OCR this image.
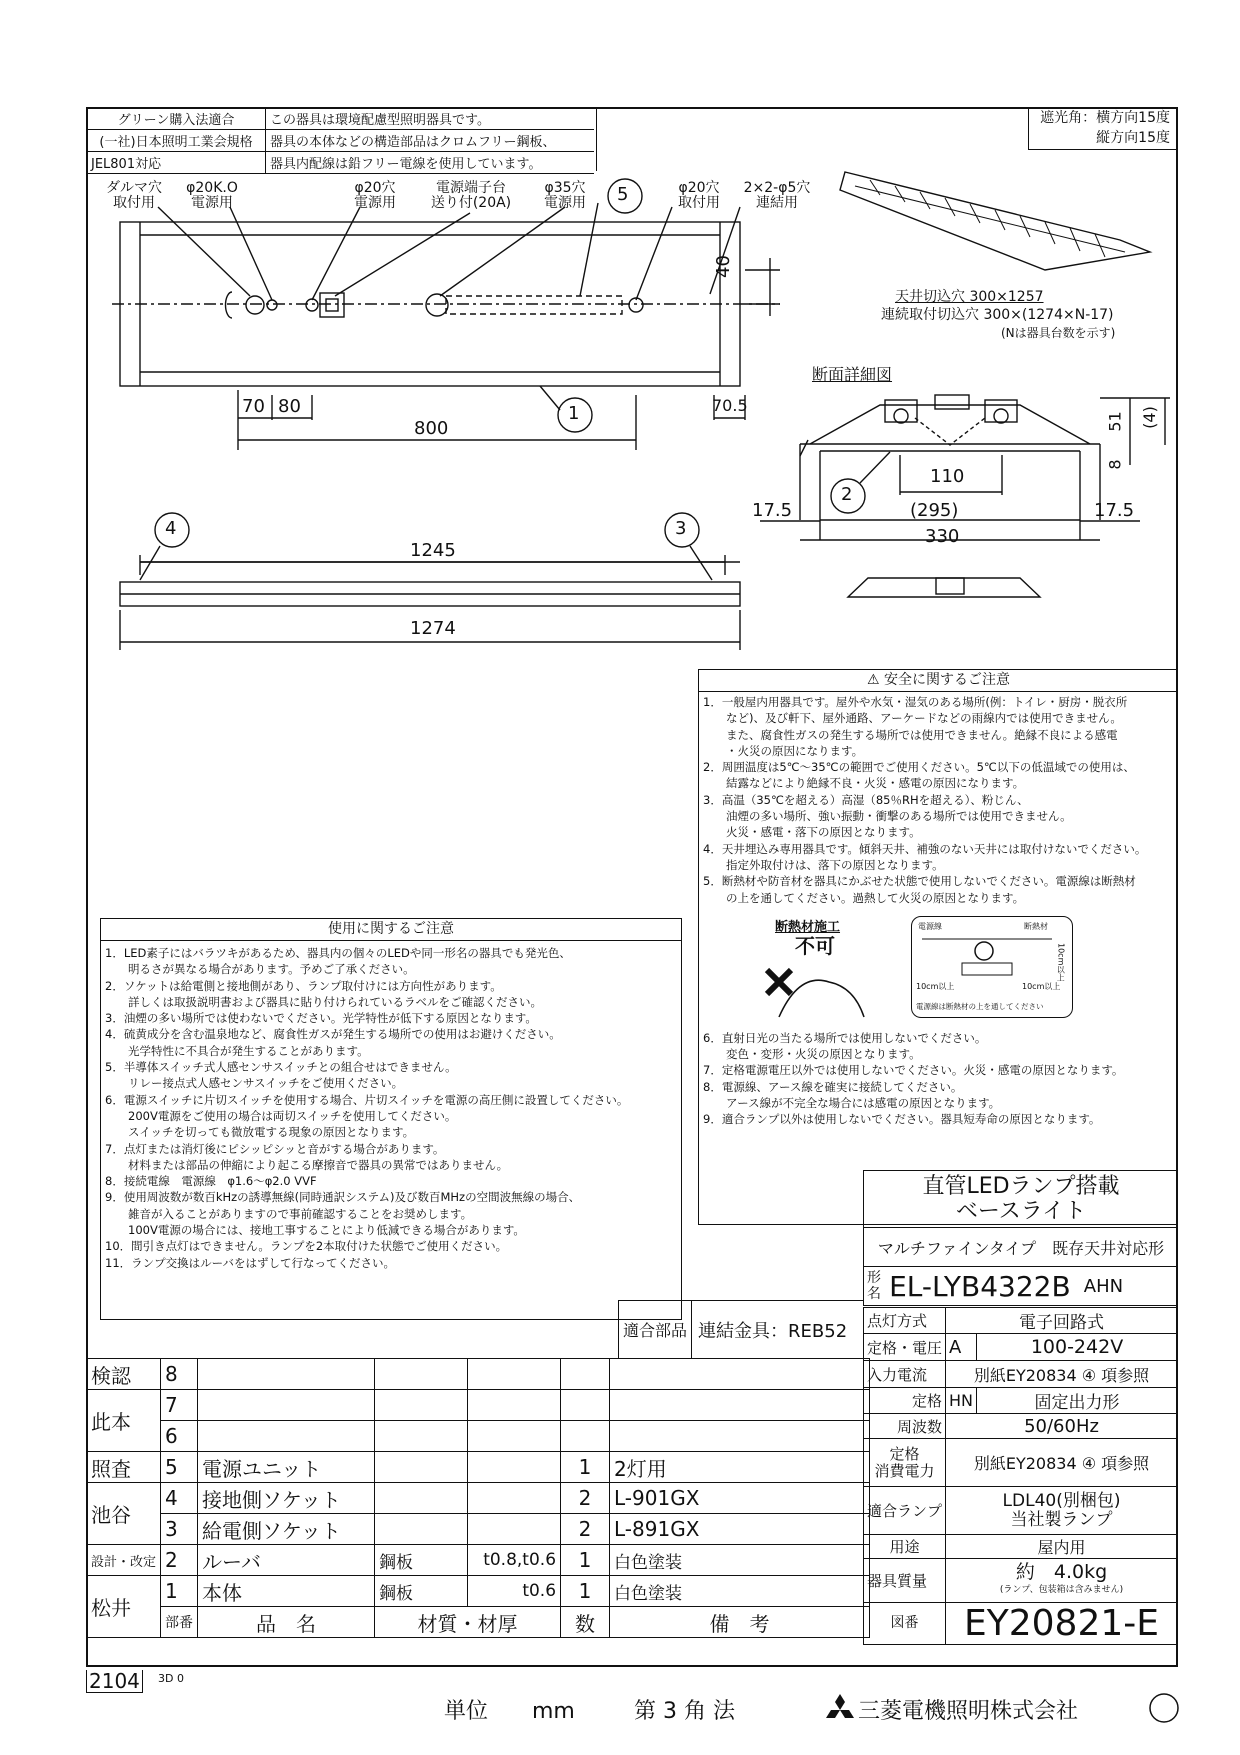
グリーン購入法適合	この器具は環境配慮型照明器具です。
(一社)日本照明工業会規格	器具の本体などの構造部品はクロムフリー鋼板、
JEL801対応	器具内配線は鉛フリー電線を使用しています。
遮光角：横方向15度
縦方向15度
ダルマ穴
取付用
φ20K.O
電源用
φ20穴
電源用
電源端子台
送り付(20A)
φ35穴
電源用
φ20穴
取付用
2×2-φ5穴
連結用
40
70 80
800
70.5
5
1
2
4	3
1245
1274
天井切込穴 300×1257
連続取付切込穴 300×(1274×N-17)
(Nは器具台数を示す)
断面詳細図
51 (4)
8
110
(295)
17.5	17.5
330
⚠ 安全に関するご注意
1．一般屋内用器具です。屋外や水気・湿気のある場所(例：トイレ・厨房・脱衣所
　　など)、及び軒下、屋外通路、アーケードなどの雨線内では使用できません。
　　また、腐食性ガスの発生する場所では使用できません。絶縁不良による感電
　　・火災の原因になります。
2．周囲温度は5℃～35℃の範囲でご使用ください。5℃以下の低温域での使用は、
　　結露などにより絶縁不良・火災・感電の原因になります。
3．高温（35℃を超える）高湿（85％RHを超える）、粉じん、
　　油煙の多い場所、強い振動・衝撃のある場所では使用できません。
　　火災・感電・落下の原因となります。
4．天井埋込み専用器具です。傾斜天井、補強のない天井には取付けないでください。
　　指定外取付けは、落下の原因となります。
5．断熱材や防音材を器具にかぶせた状態で使用しないでください。電源線は断熱材
　　の上を通してください。過熱して火災の原因となります。
断熱材施工
不可
電源線	断熱材
10cm以上	10cm以上
10cm以上
電源線は断熱材の上を通してください
6．直射日光の当たる場所では使用しないでください。
　　変色・変形・火災の原因となります。
7．定格電源電圧以外では使用しないでください。火災・感電の原因となります。
8．電源線、アース線を確実に接続してください。
　　アース線が不完全な場合には感電の原因となります。
9．適合ランプ以外は使用しないでください。器具短寿命の原因となります。
使用に関するご注意
1．LED素子にはバラツキがあるため、器具内の個々のLEDや同一形名の器具でも発光色、
　　明るさが異なる場合があります。予めご了承ください。
2．ソケットは給電側と接地側があり、ランプ取付けには方向性があります。
　　詳しくは取扱説明書および器具に貼り付けられているラベルをご確認ください。
3．油煙の多い場所では使わないでください。光学特性が低下する原因となります。
4．硫黄成分を含む温泉地など、腐食性ガスが発生する場所での使用はお避けください。
　　光学特性に不具合が発生することがあります。
5．半導体スイッチ式人感センサスイッチとの組合せはできません。
　　リレー接点式人感センサスイッチをご使用ください。
6．電源スイッチに片切スイッチを使用する場合、片切スイッチを電源の高圧側に設置してください。
　　200V電源をご使用の場合は両切スイッチを使用してください。
　　スイッチを切っても微放電する現象の原因となります。
7．点灯または消灯後にピシッピシッと音がする場合があります。
　　材料または部品の伸縮により起こる摩擦音で器具の異常ではありません。
8．接続電線　電源線　φ1.6～φ2.0 VVF
9．使用周波数が数百kHzの誘導無線(同時通訳システム)及び数百MHzの空間波無線の場合、
　　雑音が入ることがありますので事前確認することをお奨めします。
　　100V電源の場合には、接地工事することにより低減できる場合があります。
10．間引き点灯はできません。ランプを2本取付けた状態でご使用ください。
11．ランプ交換はルーバをはずして行なってください。
直管LEDランプ搭載
ベースライト

マルチファインタイプ　既存天井対応形
形名 EL-LYB4322B AHN
適合部品 連結金具：REB52	点灯方式	電子回路式	
定格・電圧	A	100-242V
入力電流	別紙EY20834 ④ 項参照	
定格	HN	固定出力形
周波数	50/60Hz	
定格
消費電力	別紙EY20834 ④ 項参照	
適合ランプ	LDL40(別梱包)
当社製ランプ	
用途	屋内用	
器具質量	約　4.0kg
(ランプ、包装箱は含みません)	

図番	EY20821-E	
検認	8					
此本	7					
	6					
照査	5	電源ユニット			1	2灯用
池谷	4	接地側ソケット			2	L-901GX
	3	給電側ソケット			2	L-891GX
設計・改定	2	ルーバ	鋼板	t0.8,t0.6	1	白色塗装
松井	1	本体	鋼板	t0.6	1	白色塗装
	部番	品　名	材質・材厚		数	備　考
2104 3D 0
単位　　mm	第 3 角 法	三菱電機照明株式会社
